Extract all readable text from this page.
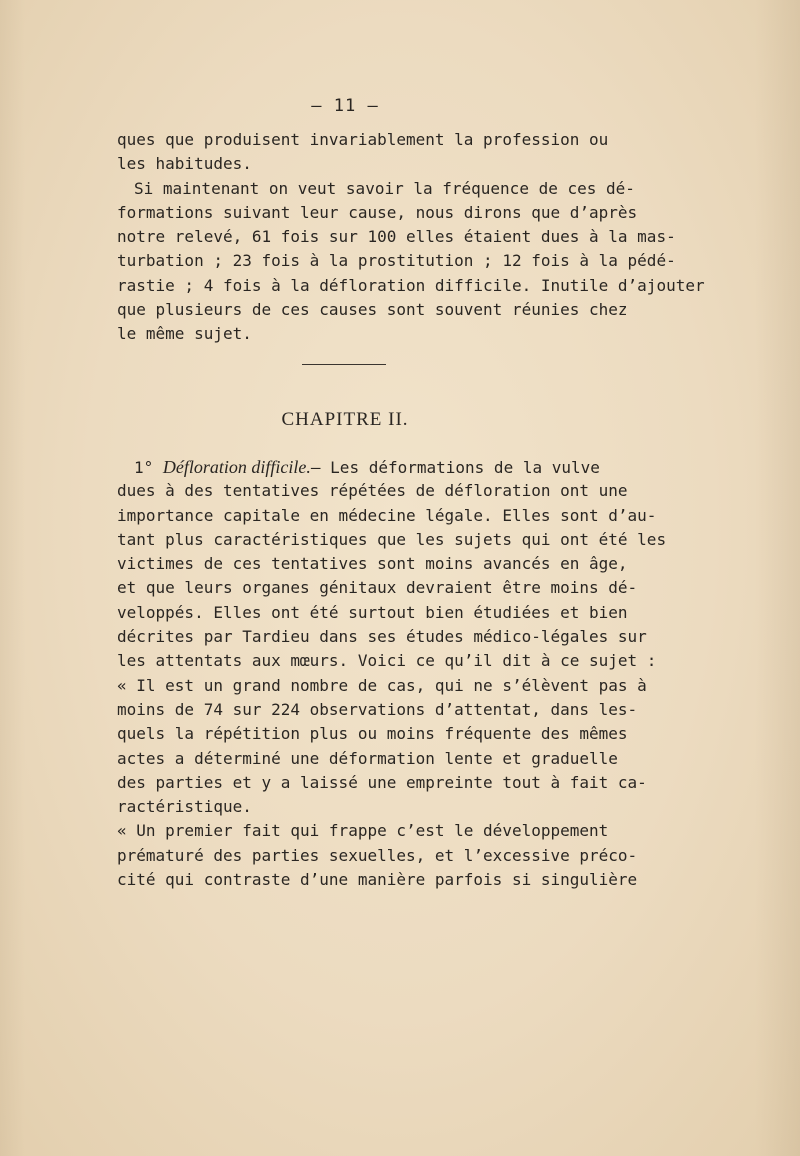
— 11 —
ques que produisent invariablement la profession ou
les habitudes.
Si maintenant on veut savoir la fréquence de ces dé-
formations suivant leur cause, nous dirons que d’après
notre relevé, 61 fois sur 100 elles étaient dues à la mas-
turbation ; 23 fois à la prostitution ; 12 fois à la pédé-
rastie ; 4 fois à la défloration difficile. Inutile d’ajouter
que plusieurs de ces causes sont souvent réunies chez
le même sujet.
CHAPITRE II.
1° Défloration difficile.— Les déformations de la vulve
dues à des tentatives répétées de défloration ont une
importance capitale en médecine légale. Elles sont d’au-
tant plus caractéristiques que les sujets qui ont été les
victimes de ces tentatives sont moins avancés en âge,
et que leurs organes génitaux devraient être moins dé-
veloppés. Elles ont été surtout bien étudiées et bien
décrites par Tardieu dans ses études médico-légales sur
les attentats aux mœurs. Voici ce qu’il dit à ce sujet :
« Il est un grand nombre de cas, qui ne s’élèvent pas à
moins de 74 sur 224 observations d’attentat, dans les-
quels la répétition plus ou moins fréquente des mêmes
actes a déterminé une déformation lente et graduelle
des parties et y a laissé une empreinte tout à fait ca-
ractéristique.
« Un premier fait qui frappe c’est le développement
prématuré des parties sexuelles, et l’excessive préco-
cité qui contraste d’une manière parfois si singulière
